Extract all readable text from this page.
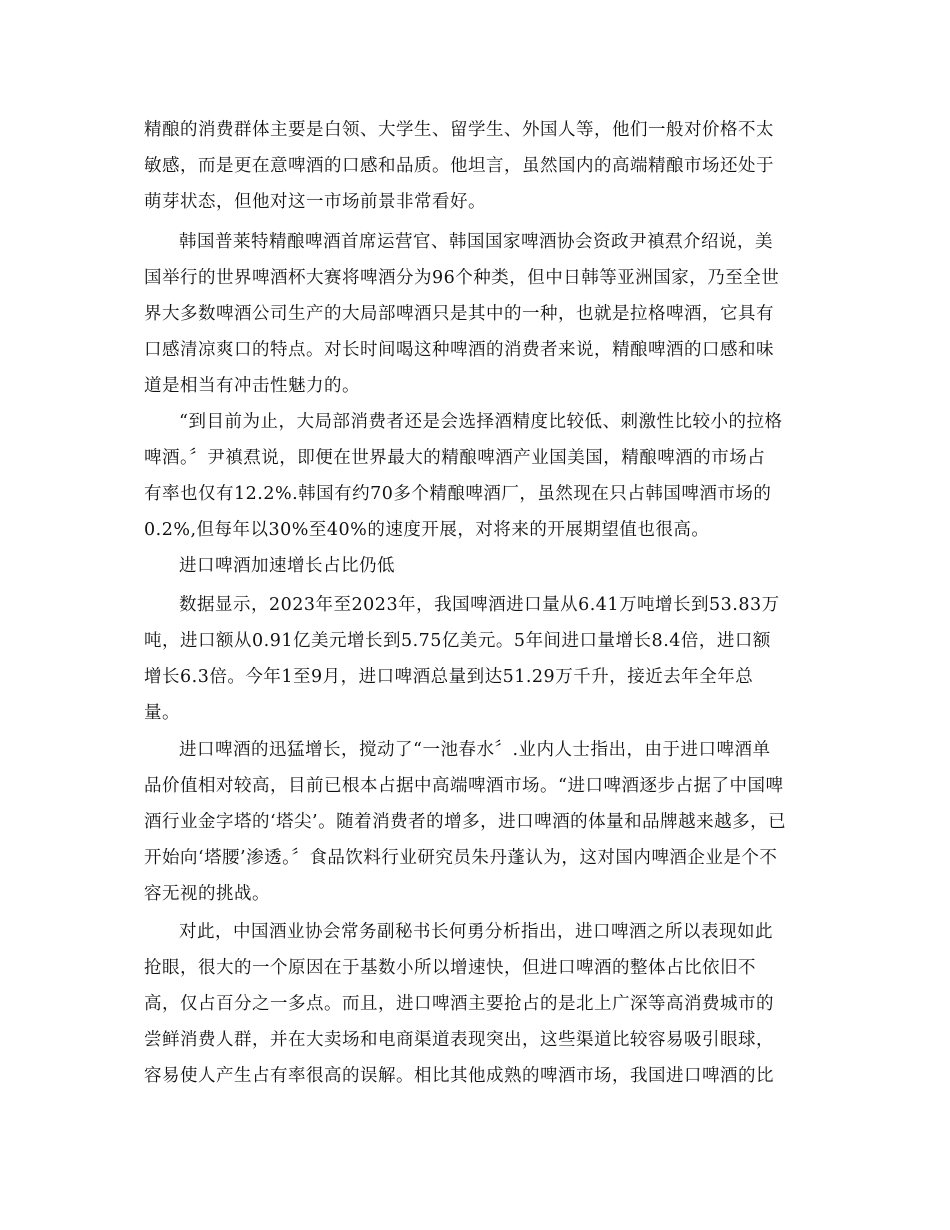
精酿的消费群体主要是白领、大学生、留学生、外国人等，他们一般对价格不太
敏感，而是更在意啤酒的口感和品质。他坦言，虽然国内的高端精酿市场还处于
萌芽状态，但他对这一市场前景非常看好。
韩国普莱特精酿啤酒首席运营官、韩国国家啤酒协会资政尹禛焄介绍说，美
国举行的世界啤酒杯大赛将啤酒分为96个种类，但中日韩等亚洲国家，乃至全世
界大多数啤酒公司生产的大局部啤酒只是其中的一种，也就是拉格啤酒，它具有
口感清凉爽口的特点。对长时间喝这种啤酒的消费者来说，精酿啤酒的口感和味
道是相当有冲击性魅力的。
“到目前为止，大局部消费者还是会选择酒精度比较低、刺激性比较小的拉格
啤酒。〞尹禛焄说，即便在世界最大的精酿啤酒产业国美国，精酿啤酒的市场占
有率也仅有12.2%.韩国有约70多个精酿啤酒厂，虽然现在只占韩国啤酒市场的
0.2%,但每年以30%至40%的速度开展，对将来的开展期望值也很高。
进口啤酒加速增长占比仍低
数据显示，2023年至2023年，我国啤酒进口量从6.41万吨增长到53.83万
吨，进口额从0.91亿美元增长到5.75亿美元。5年间进口量增长8.4倍，进口额
增长6.3倍。今年1至9月，进口啤酒总量到达51.29万千升，接近去年全年总
量。
进口啤酒的迅猛增长，搅动了“一池春水〞.业内人士指出，由于进口啤酒单
品价值相对较高，目前已根本占据中高端啤酒市场。“进口啤酒逐步占据了中国啤
酒行业金字塔的‘塔尖’。随着消费者的增多，进口啤酒的体量和品牌越来越多，已
开始向‘塔腰’渗透。〞食品饮料行业研究员朱丹蓬认为，这对国内啤酒企业是个不
容无视的挑战。
对此，中国酒业协会常务副秘书长何勇分析指出，进口啤酒之所以表现如此
抢眼，很大的一个原因在于基数小所以增速快，但进口啤酒的整体占比依旧不
高，仅占百分之一多点。而且，进口啤酒主要抢占的是北上广深等高消费城市的
尝鲜消费人群，并在大卖场和电商渠道表现突出，这些渠道比较容易吸引眼球，
容易使人产生占有率很高的误解。相比其他成熟的啤酒市场，我国进口啤酒的比
